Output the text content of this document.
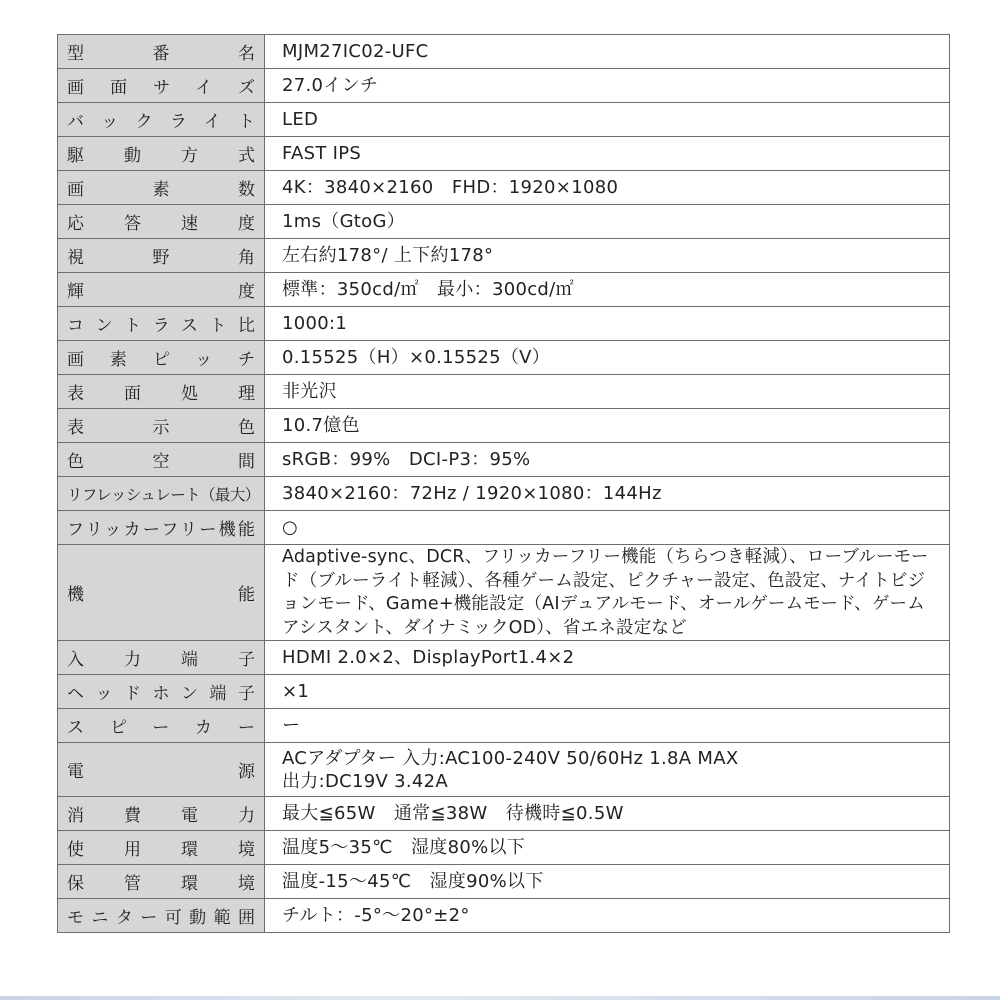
型番名	MJM27IC02-UFC
画面サイズ	27.0インチ
バックライト	LED
駆動方式	FAST IPS
画素数	4K：3840×2160　FHD：1920×1080
応答速度	1ms（GtoG）
視野角	左右約178°/ 上下約178°
輝度	標準：350cd/㎡　最小：300cd/㎡
コントラスト比	1000:1
画素ピッチ	0.15525（H）×0.15525（V）
表面処理	非光沢
表示色	10.7億色
色空間	sRGB：99%　DCI-P3：95%
リフレッシュレート（最大）	3840×2160：72Hz / 1920×1080：144Hz
フリッカーフリー機能	○
機能	Adaptive-sync、DCR、フリッカーフリー機能（ちらつき軽減）、ローブルーモード（ブルーライト軽減）、各種ゲーム設定、ピクチャー設定、色設定、ナイトビジョンモード、Game+機能設定（AIデュアルモード、オールゲームモード、ゲームアシスタント、ダイナミックOD）、省エネ設定など
入力端子	HDMI 2.0×2、DisplayPort1.4×2
ヘッドホン端子	×1
スピーカー	ー
電源	ACアダプター 入力:AC100-240V 50/60Hz 1.8A MAX
出力:DC19V 3.42A
消費電力	最大≦65W　通常≦38W　待機時≦0.5W
使用環境	温度5～35℃　湿度80%以下
保管環境	温度-15～45℃　湿度90%以下
モニター可動範囲	チルト：-5°～20°±2°
